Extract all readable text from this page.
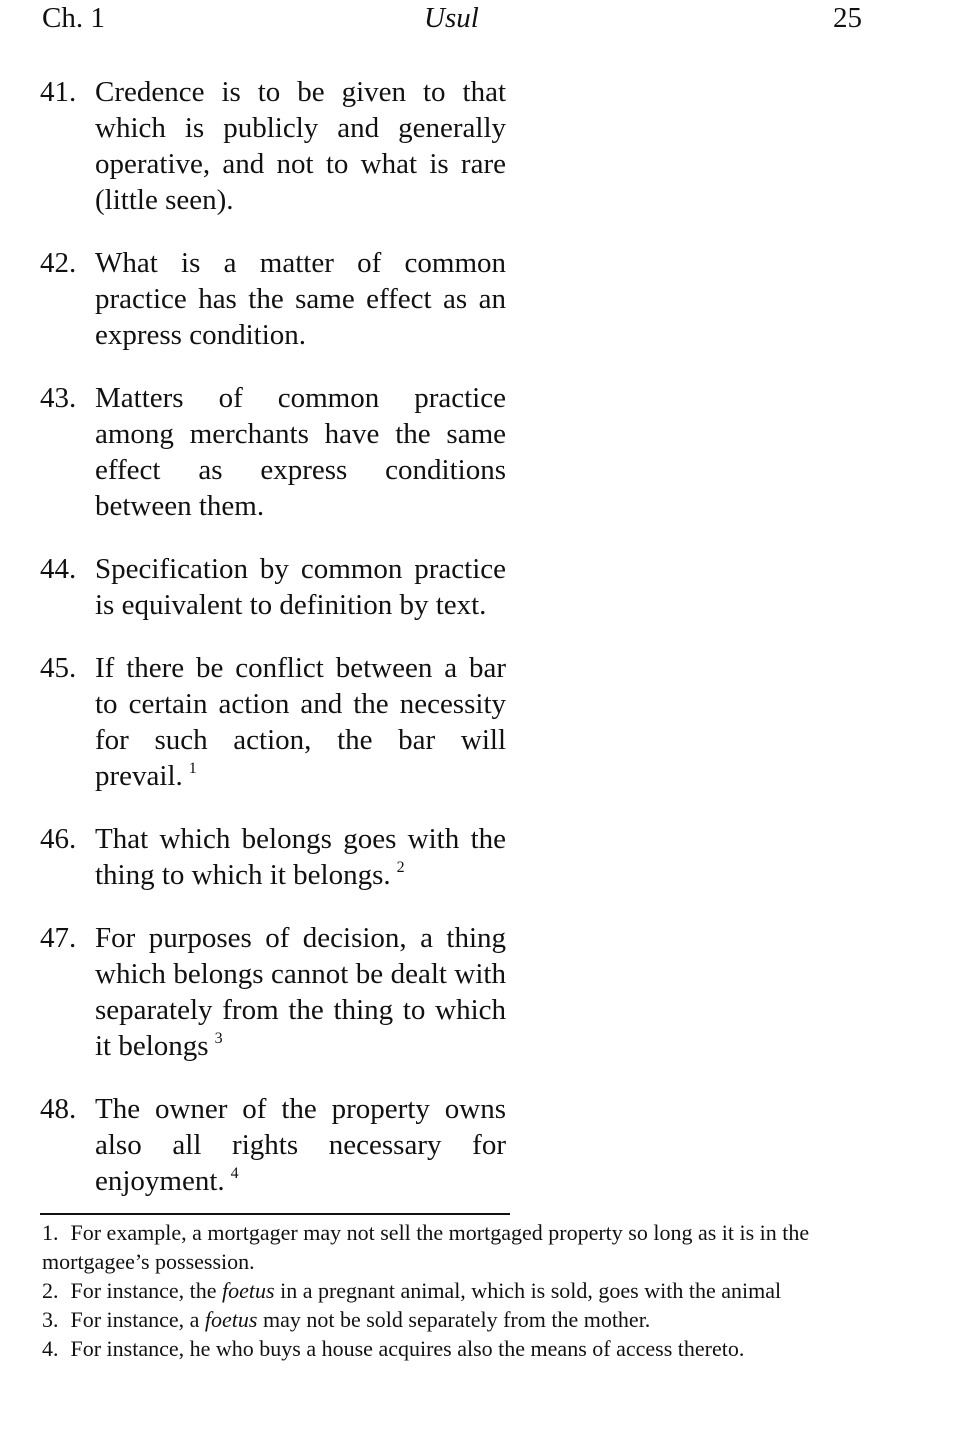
Ch. 1	Usul	25
41. Credence is to be given to that which is publicly and generally operative, and not to what is rare (little seen).
42. What is a matter of common practice has the same effect as an express condition.
43. Matters of common practice among merchants have the same effect as express conditions between them.
44. Specification by common practice is equivalent to definition by text.
45. If there be conflict between a bar to certain action and the necessity for such action, the bar will prevail. $^1$
46. That which belongs goes with the thing to which it belongs. $^2$
47. For purposes of decision, a thing which belongs cannot be dealt with separately from the thing to which it belongs $^3$
48. The owner of the property owns also all rights necessary for enjoyment. $^4$

1. For example, a mortgager may not sell the mortgaged property so long as it is in the mortgagee’s possession.

2. For instance, the foetus in a pregnant animal, which is sold, goes with the animal

3. For instance, a foetus may not be sold separately from the mother.

4. For instance, he who buys a house acquires also the means of access thereto.
